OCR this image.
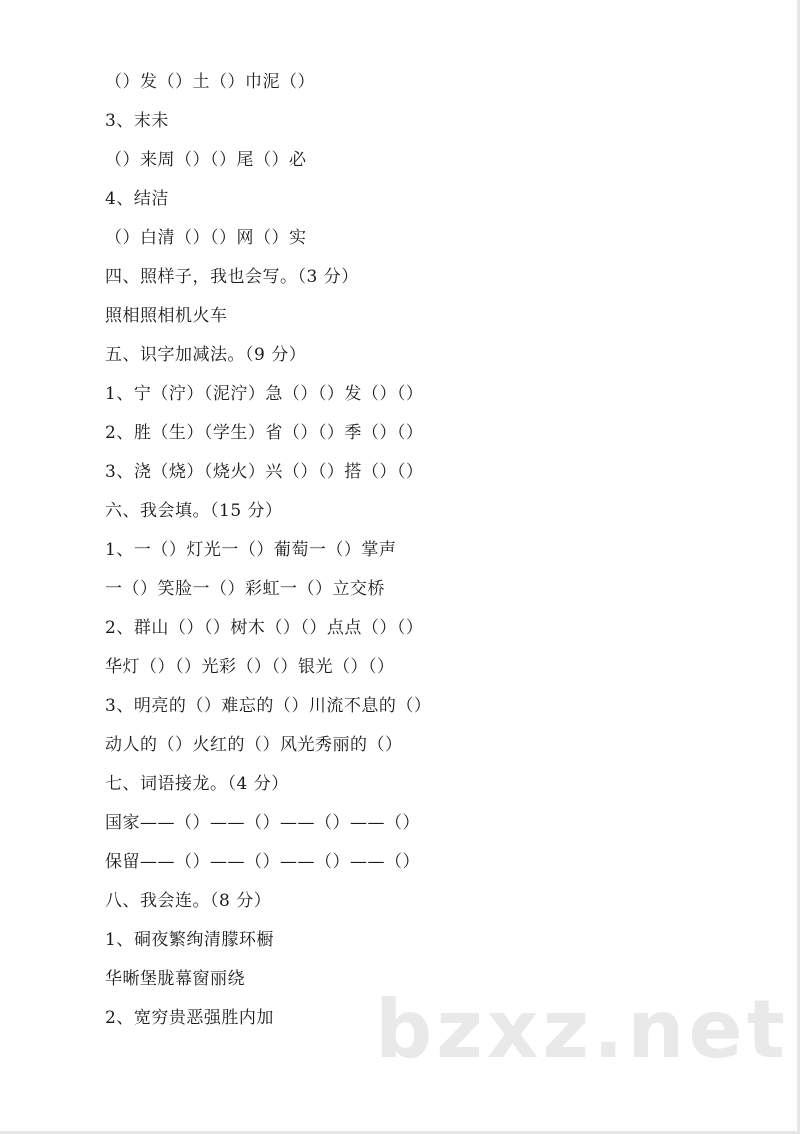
（）发（）土（）巾泥（）
3、末未
（）来周（）（）尾（）必
4、结洁
（）白清（）（）网（）实
四、照样子，我也会写。（3 分）
照相照相机火车
五、识字加减法。（9 分）
1、宁（泞）（泥泞）急（）（）发（）（）
2、胜（生）（学生）省（）（）季（）（）
3、浇（烧）（烧火）兴（）（）搭（）（）
六、我会填。（15 分）
1、一（）灯光一（）葡萄一（）掌声
一（）笑脸一（）彩虹一（）立交桥
2、群山（）（）树木（）（）点点（）（）
华灯（）（）光彩（）（）银光（）（）
3、明亮的（）难忘的（）川流不息的（）
动人的（）火红的（）风光秀丽的（）
七、词语接龙。（4 分）
国家——（）——（）——（）——（）
保留——（）——（）——（）——（）
八、我会连。（8 分）
1、硐夜繁绚清朦环橱
华晰堡胧幕窗丽绕
2、宽穷贵恶强胜内加 bzxz.net
